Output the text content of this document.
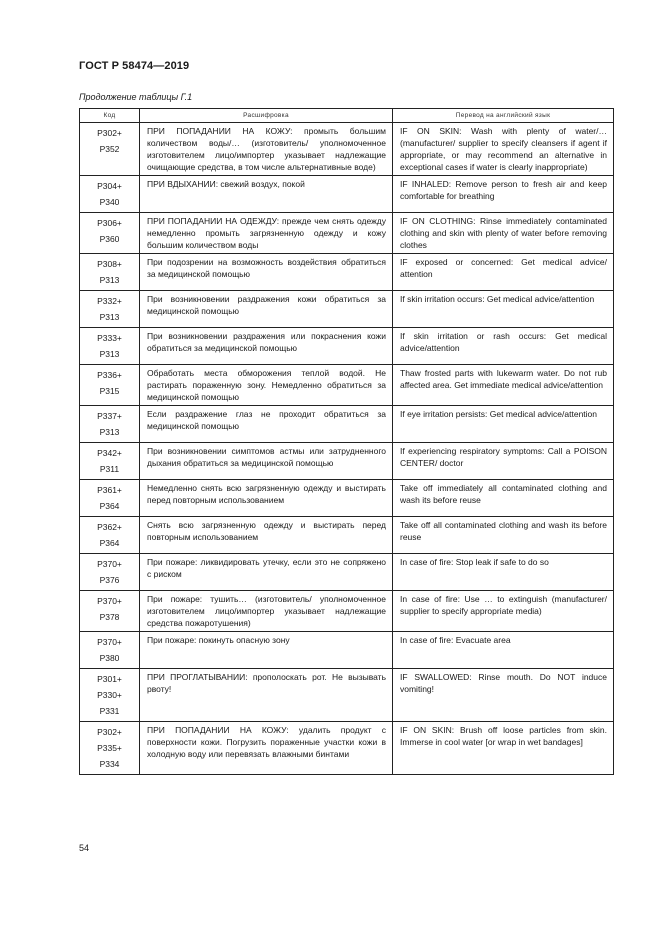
ГОСТ Р 58474—2019
Продолжение таблицы Г.1
Код	Расшифровка	Перевод на английский язык
Р302+
Р352	ПРИ ПОПАДАНИИ НА КОЖУ: промыть большим количеством воды/… (изготовитель/ уполномоченное изготовителем лицо/импортер указывает надлежащие очищающие средства, в том числе альтернативные воде)	IF ON SKIN: Wash with plenty of water/… (manufacturer/ supplier to specify cleansers if agent if appropriate, or may recommend an alternative in exceptional cases if water is clearly inappropriate)
Р304+
Р340	ПРИ ВДЫХАНИИ: свежий воздух, покой	IF INHALED: Remove person to fresh air and keep comfortable for breathing
Р306+
Р360	ПРИ ПОПАДАНИИ НА ОДЕЖДУ: прежде чем снять одежду немедленно промыть загрязненную одежду и кожу большим количеством воды	IF ON CLOTHING: Rinse immediately contaminated clothing and skin with plenty of water before removing clothes
Р308+
Р313	При подозрении на возможность воздействия обратиться за медицинской помощью	IF exposed or concerned: Get medical advice/ attention
Р332+
Р313	При возникновении раздражения кожи обратиться за медицинской помощью	If skin irritation occurs: Get medical advice/attention
Р333+
Р313	При возникновении раздражения или покраснения кожи обратиться за медицинской помощью	If skin irritation or rash occurs: Get medical advice/attention
Р336+
Р315	Обработать места обморожения теплой водой. Не растирать пораженную зону. Немедленно обратиться за медицинской помощью	Thaw frosted parts with lukewarm water. Do not rub affected area. Get immediate medical advice/attention
Р337+
Р313	Если раздражение глаз не проходит обратиться за медицинской помощью	If eye irritation persists: Get medical advice/attention
Р342+
Р311	При возникновении симптомов астмы или затрудненного дыхания обратиться за медицинской помощью	If experiencing respiratory symptoms: Call a POISON CENTER/ doctor
Р361+
Р364	Немедленно снять всю загрязненную одежду и выстирать перед повторным использованием	Take off immediately all contaminated clothing and wash its before reuse
Р362+
Р364	Снять всю загрязненную одежду и выстирать перед повторным использованием	Take off all contaminated clothing and wash its before reuse
Р370+
Р376	При пожаре: ликвидировать утечку, если это не сопряжено с риском	In case of fire: Stop leak if safe to do so
Р370+
Р378	При пожаре: тушить… (изготовитель/ уполномоченное изготовителем лицо/импортер указывает надлежащие средства пожаротушения)	In case of fire: Use … to extinguish (manufacturer/ supplier to specify appropriate media)
Р370+
Р380	При пожаре: покинуть опасную зону	In case of fire: Evacuate area
Р301+
Р330+
Р331	ПРИ ПРОГЛАТЫВАНИИ: прополоскать рот. Не вызывать рвоту!	IF SWALLOWED: Rinse mouth. Do NOT induce vomiting!
Р302+
Р335+
Р334	ПРИ ПОПАДАНИИ НА КОЖУ: удалить продукт с поверхности кожи. Погрузить пораженные участки кожи в холодную воду или перевязать влажными бинтами	IF ON SKIN: Brush off loose particles from skin. Immerse in cool water [or wrap in wet bandages]
54
